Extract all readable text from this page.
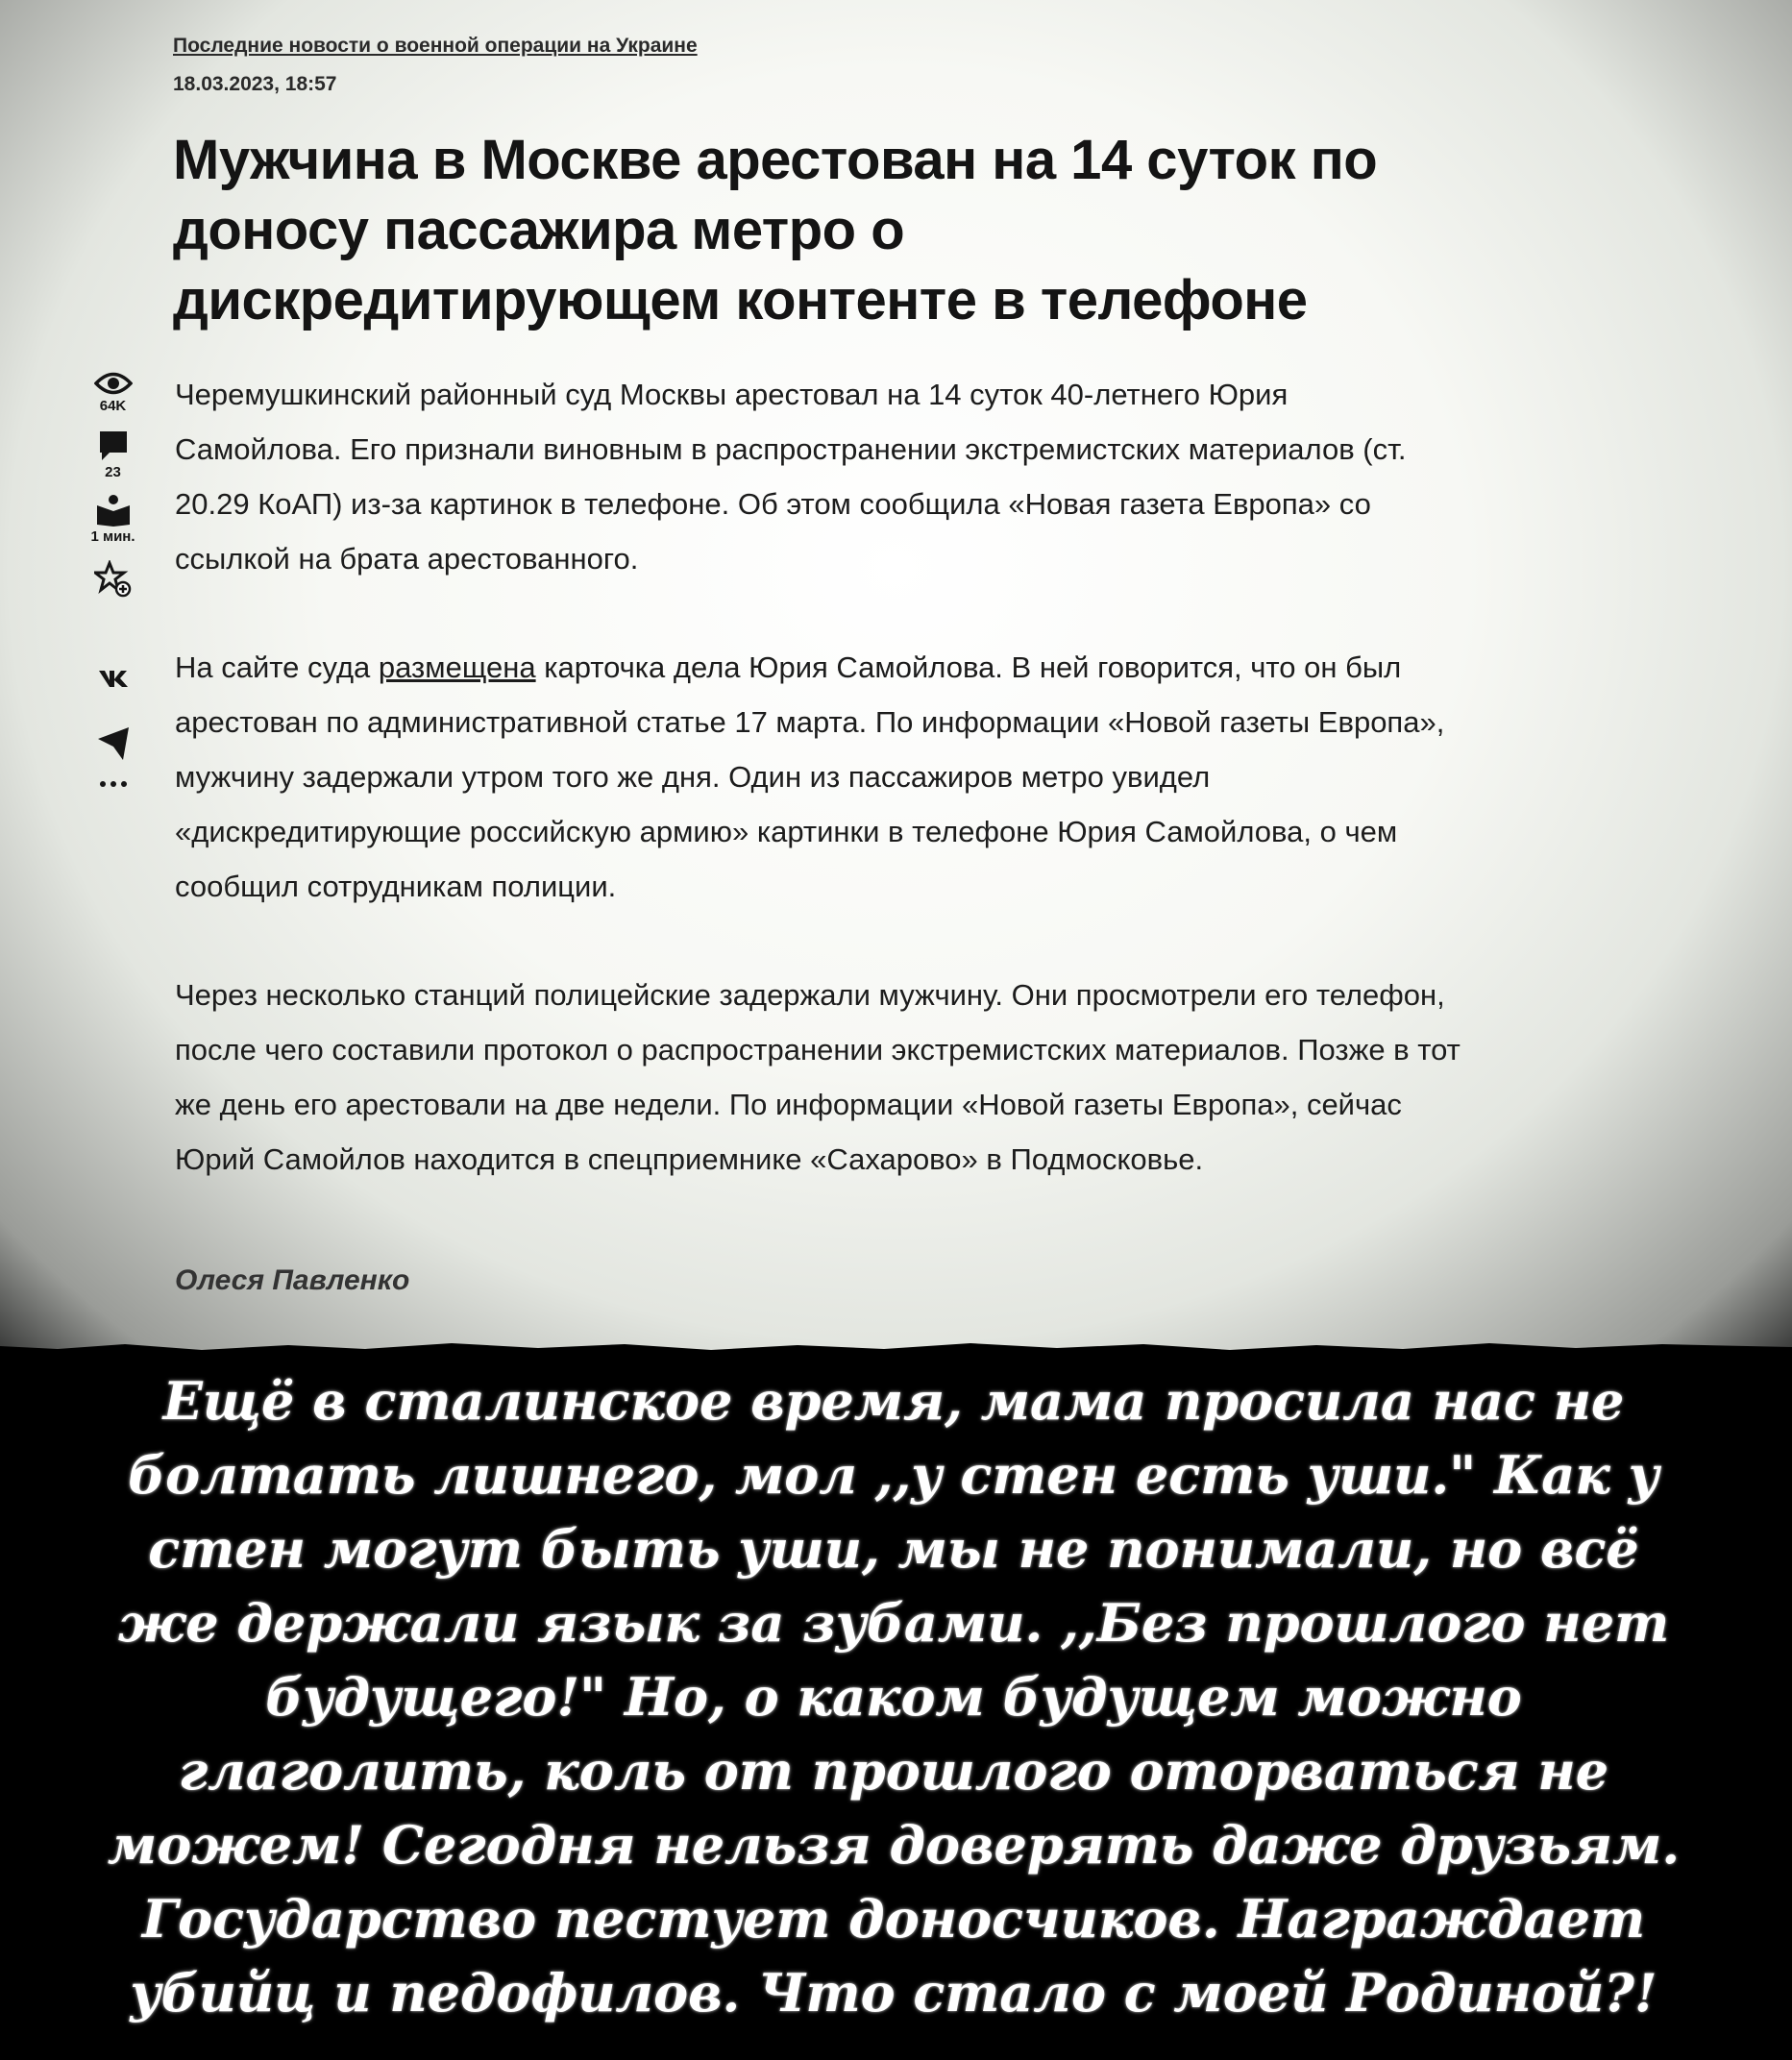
Последние новости о военной операции на Украине
18.03.2023, 18:57
Мужчина в Москве арестован на 14 суток по доносу пассажира метро о дискредитирующем контенте в телефоне
64K
23
1 мин.

Черемушкинский районный суд Москвы арестовал на 14 суток 40-летнего Юрия Самойлова. Его признали виновным в распространении экстремистских материалов (ст. 20.29 КоАП) из-за картинок в телефоне. Об этом сообщила «Новая газета Европа» со ссылкой на брата арестованного.

На сайте суда размещена карточка дела Юрия Самойлова. В ней говорится, что он был арестован по административной статье 17 марта. По информации «Новой газеты Европа», мужчину задержали утром того же дня. Один из пассажиров метро увидел «дискредитирующие российскую армию» картинки в телефоне Юрия Самойлова, о чем сообщил сотрудникам полиции.

Через несколько станций полицейские задержали мужчину. Они просмотрели его телефон, после чего составили протокол о распространении экстремистских материалов. Позже в тот же день его арестовали на две недели. По информации «Новой газеты Европа», сейчас Юрий Самойлов находится в спецприемнике «Сахарово» в Подмосковье.

Олеся Павленко
Ещё в сталинское время, мама просила нас не болтать лишнего, мол ,,у стен есть уши." Как у стен могут быть уши, мы не понимали, но всё же держали язык за зубами. ,,Без прошлого нет будущего!" Но, о каком будущем можно глаголить, коль от прошлого оторваться не можем! Сегодня нельзя доверять даже друзьям. Государство пестует доносчиков. Награждает убийц и педофилов. Что стало с моей Родиной?!
